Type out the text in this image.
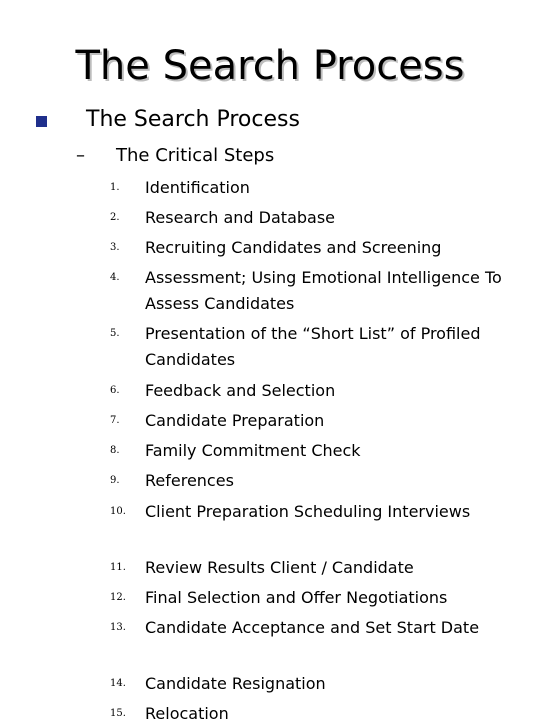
The Search Process
The Search Process
– The Critical Steps
1. Identification
2. Research and Database
3. Recruiting Candidates and Screening
4. Assessment; Using Emotional Intelligence To Assess Candidates
5. Presentation of the “Short List” of Profiled Candidates
6. Feedback and Selection
7. Candidate Preparation
8. Family Commitment Check
9. References
10. Client Preparation Scheduling Interviews
11. Review Results Client / Candidate
12. Final Selection and Offer Negotiations
13. Candidate Acceptance and Set Start Date
14. Candidate Resignation
15. Relocation
